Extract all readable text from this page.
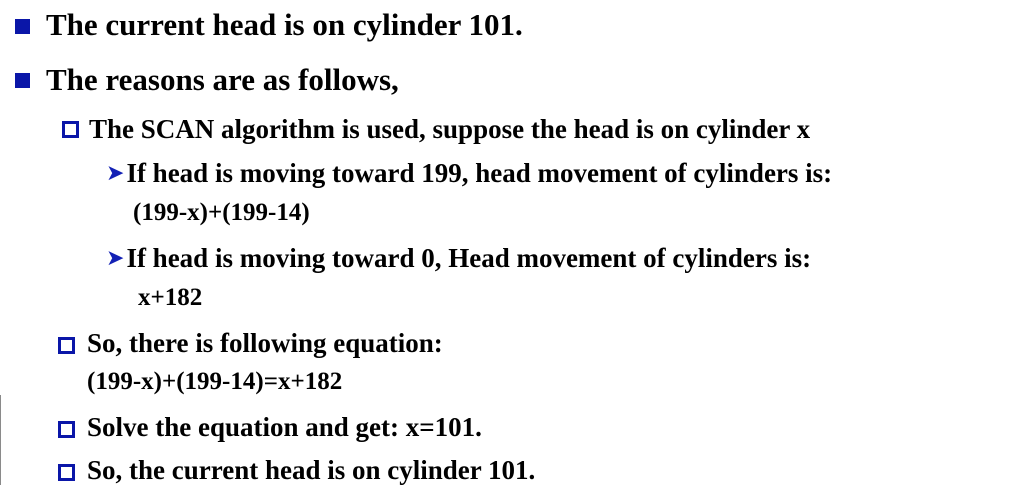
The current head is on cylinder 101.
The reasons are as follows,
The SCAN algorithm is used, suppose the head is on cylinder x
➤If head is moving toward 199, head movement of cylinders is:
(199-x)+(199-14)
➤If head is moving toward 0, Head movement of cylinders is:
x+182
So, there is following equation:
(199-x)+(199-14)=x+182
Solve the equation and get: x=101.
So, the current head is on cylinder 101.
